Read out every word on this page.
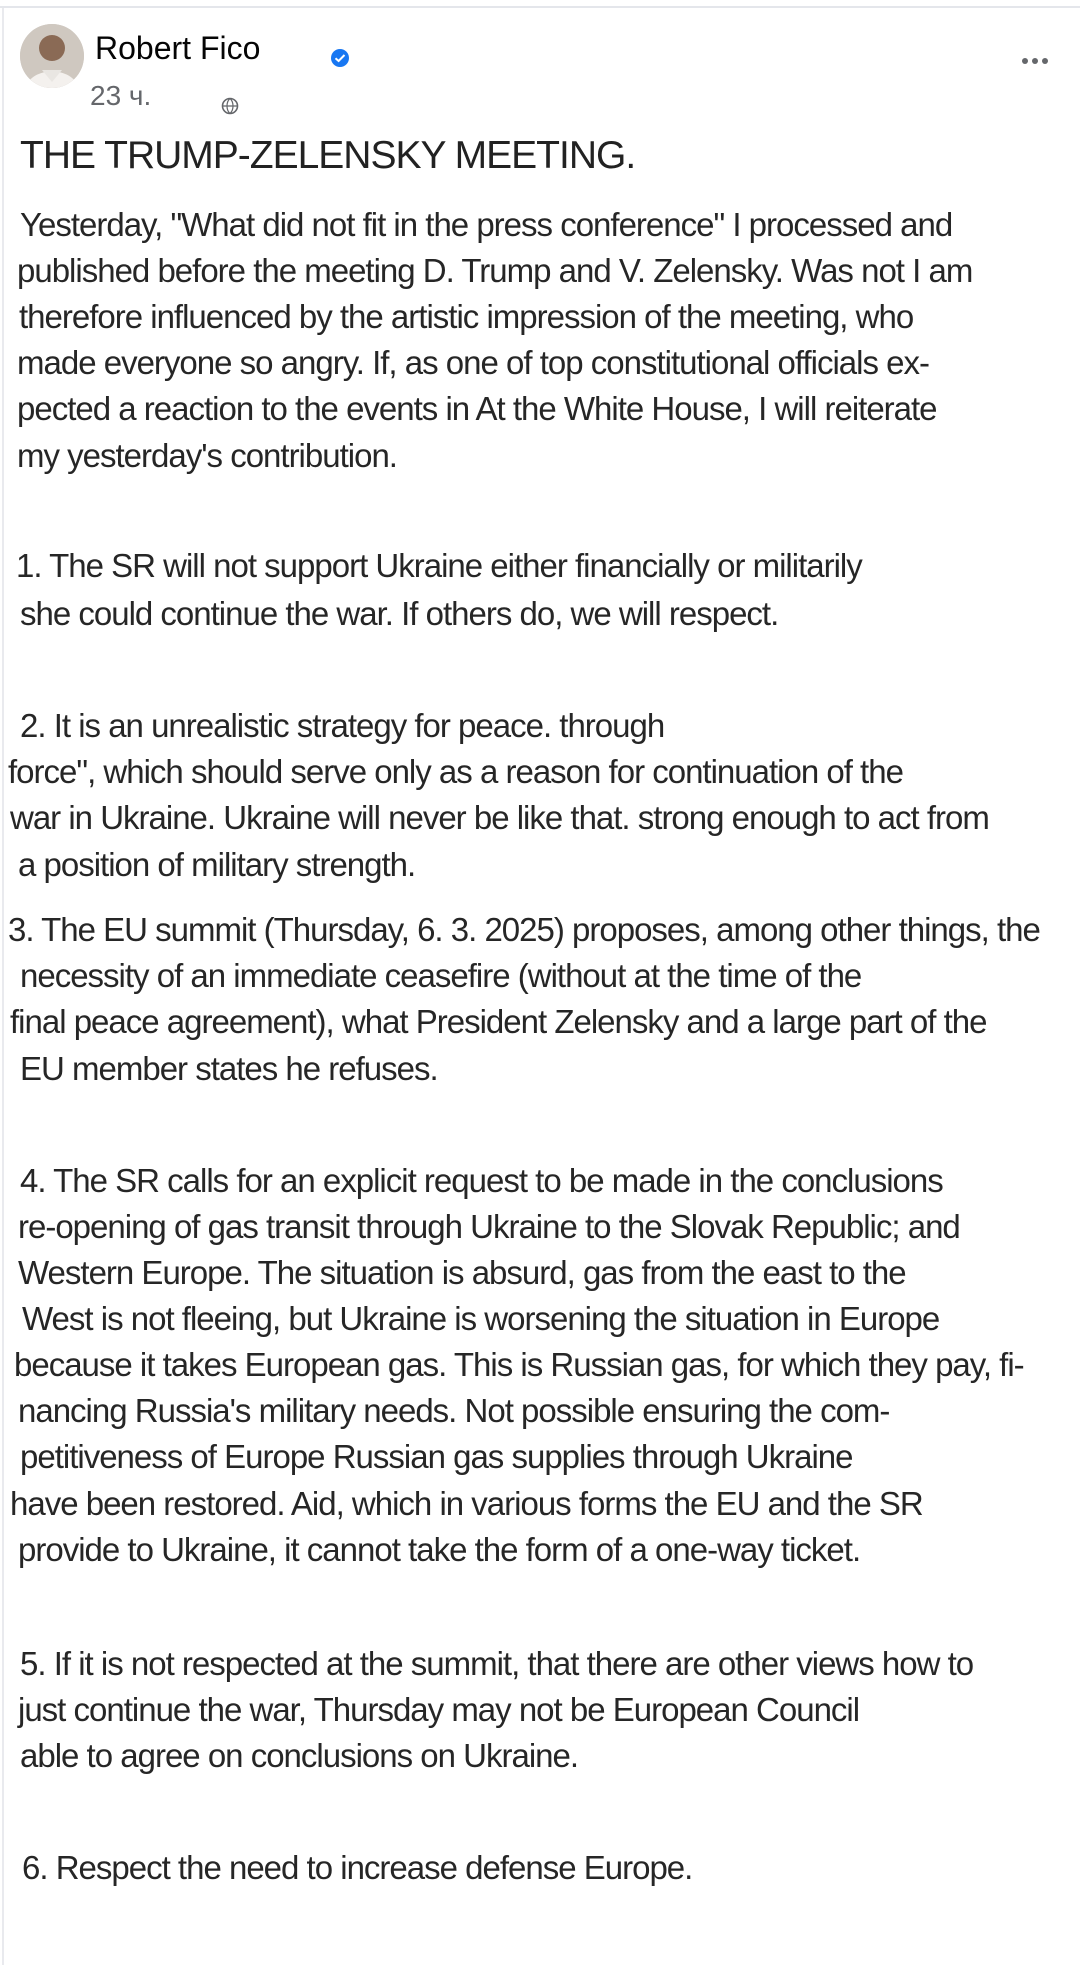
Robert Fico
23 ч.
THE TRUMP-ZELENSKY MEETING.
Yesterday, "What did not fit in the press conference" I processed and
published before the meeting D. Trump and V. Zelensky. Was not I am
therefore influenced by the artistic impression of the meeting, who
made everyone so angry. If, as one of top constitutional officials ex-
pected a reaction to the events in At the White House, I will reiterate
my yesterday's contribution.
1. The SR will not support Ukraine either financially or militarily
she could continue the war. If others do, we will respect.
2. It is an unrealistic strategy for peace. through
force", which should serve only as a reason for continuation of the
war in Ukraine. Ukraine will never be like that. strong enough to act from
a position of military strength.
3. The EU summit (Thursday, 6. 3. 2025) proposes, among other things, the
necessity of an immediate ceasefire (without at the time of the
final peace agreement), what President Zelensky and a large part of the
EU member states he refuses.
4. The SR calls for an explicit request to be made in the conclusions
re-opening of gas transit through Ukraine to the Slovak Republic; and
Western Europe. The situation is absurd, gas from the east to the
West is not fleeing, but Ukraine is worsening the situation in Europe
because it takes European gas. This is Russian gas, for which they pay, fi-
nancing Russia's military needs. Not possible ensuring the com-
petitiveness of Europe Russian gas supplies through Ukraine
have been restored. Aid, which in various forms the EU and the SR
provide to Ukraine, it cannot take the form of a one-way ticket.
5. If it is not respected at the summit, that there are other views how to
just continue the war, Thursday may not be European Council
able to agree on conclusions on Ukraine.
6. Respect the need to increase defense Europe.
